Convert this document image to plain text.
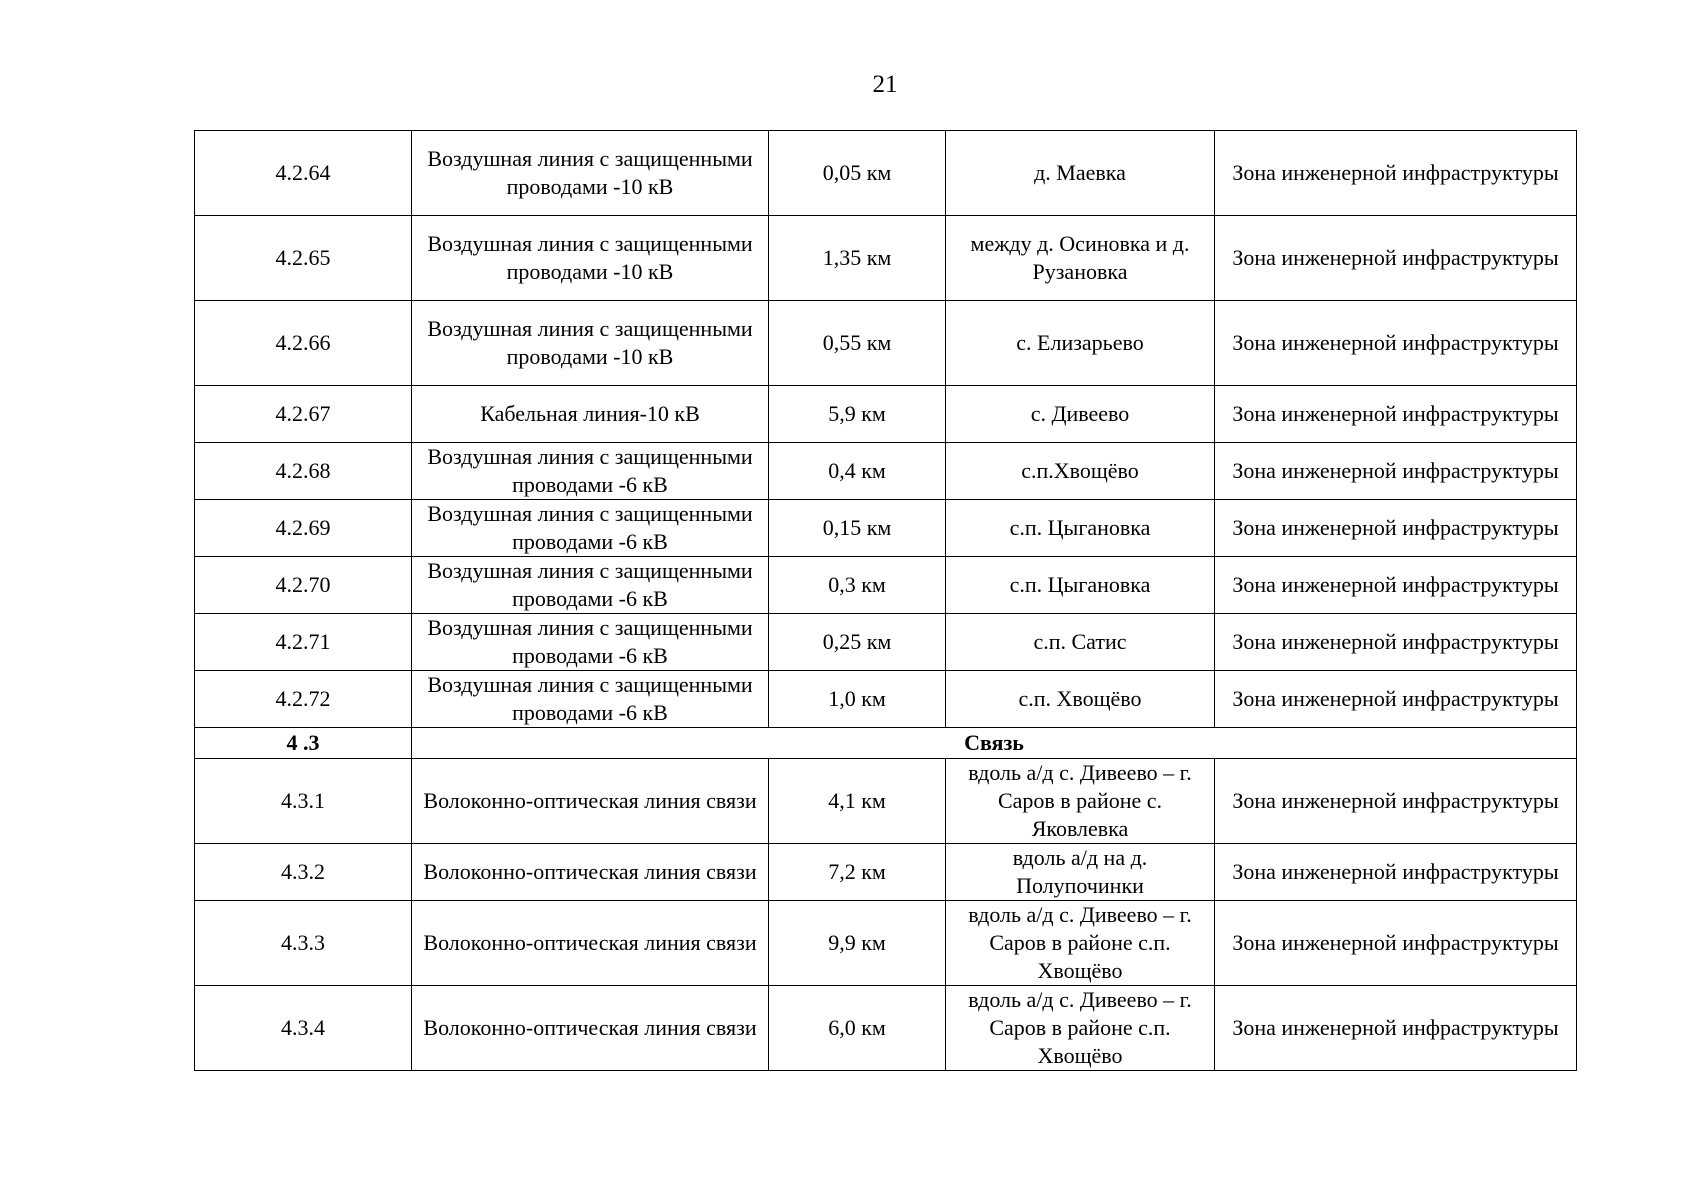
21
4.2.64	Воздушная линия с защищенными проводами -10 кВ	0,05 км	д. Маевка	Зона инженерной инфраструктуры
4.2.65	Воздушная линия с защищенными проводами -10 кВ	1,35 км	между д. Осиновка и д. Рузановка	Зона инженерной инфраструктуры
4.2.66	Воздушная линия с защищенными проводами -10 кВ	0,55 км	с. Елизарьево	Зона инженерной инфраструктуры
4.2.67	Кабельная линия-10 кВ	5,9 км	с. Дивеево	Зона инженерной инфраструктуры
4.2.68	Воздушная линия с защищенными проводами -6 кВ	0,4 км	с.п.Хвощёво	Зона инженерной инфраструктуры
4.2.69	Воздушная линия с защищенными проводами -6 кВ	0,15 км	с.п. Цыгановка	Зона инженерной инфраструктуры
4.2.70	Воздушная линия с защищенными проводами -6 кВ	0,3 км	с.п. Цыгановка	Зона инженерной инфраструктуры
4.2.71	Воздушная линия с защищенными проводами -6 кВ	0,25 км	с.п. Сатис	Зона инженерной инфраструктуры
4.2.72	Воздушная линия с защищенными проводами -6 кВ	1,0 км	с.п. Хвощёво	Зона инженерной инфраструктуры
4 .3	Связь			
4.3.1	Волоконно-оптическая линия связи	4,1 км	вдоль а/д с. Дивеево – г. Саров в районе с. Яковлевка	Зона инженерной инфраструктуры
4.3.2	Волоконно-оптическая линия связи	7,2 км	вдоль а/д на д. Полупочинки	Зона инженерной инфраструктуры
4.3.3	Волоконно-оптическая линия связи	9,9 км	вдоль а/д с. Дивеево – г. Саров в районе с.п. Хвощёво	Зона инженерной инфраструктуры
4.3.4	Волоконно-оптическая линия связи	6,0 км	вдоль а/д с. Дивеево – г. Саров в районе с.п. Хвощёво	Зона инженерной инфраструктуры
